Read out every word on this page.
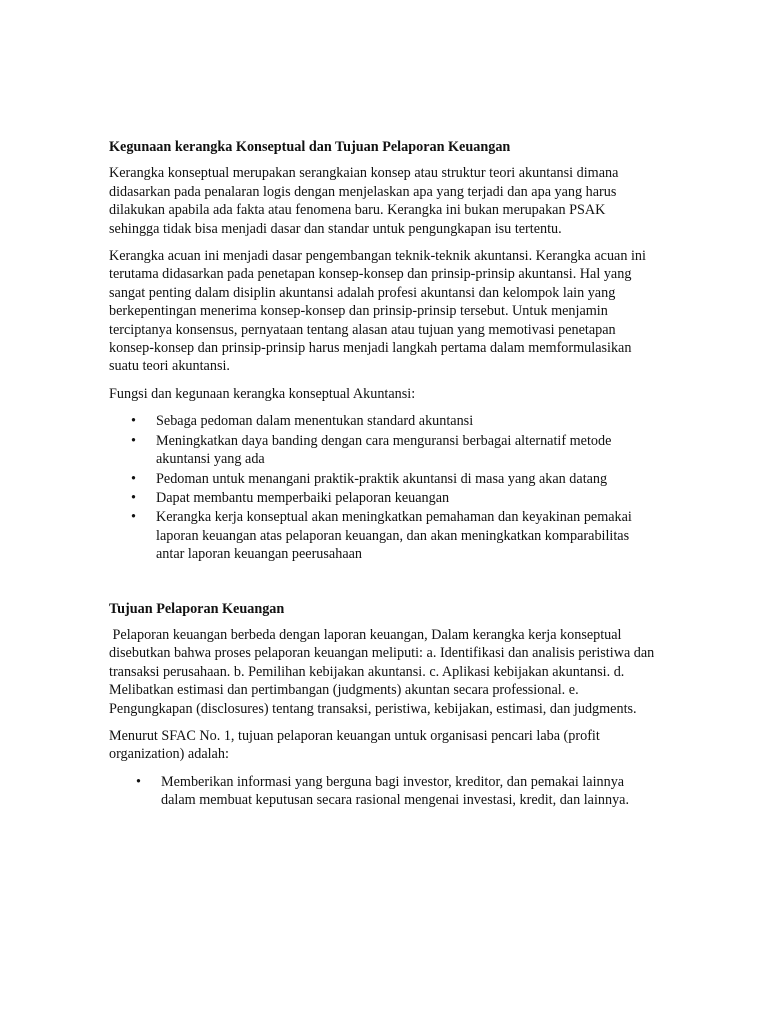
Kegunaan kerangka Konseptual dan Tujuan Pelaporan Keuangan

Kerangka konseptual merupakan serangkaian konsep atau struktur teori akuntansi dimana didasarkan pada penalaran logis dengan menjelaskan apa yang terjadi dan apa yang harus dilakukan apabila ada fakta atau fenomena baru. Kerangka ini bukan merupakan PSAK sehingga tidak bisa menjadi dasar dan standar untuk pengungkapan isu tertentu.

Kerangka acuan ini menjadi dasar pengembangan teknik-teknik akuntansi. Kerangka acuan ini terutama didasarkan pada penetapan konsep-konsep dan prinsip-prinsip akuntansi. Hal yang sangat penting dalam disiplin akuntansi adalah profesi akuntansi dan kelompok lain yang berkepentingan menerima konsep-konsep dan prinsip-prinsip tersebut. Untuk menjamin terciptanya konsensus, pernyataan tentang alasan atau tujuan yang memotivasi penetapan konsep-konsep dan prinsip-prinsip harus menjadi langkah pertama dalam memformulasikan suatu teori akuntansi.

Fungsi dan kegunaan kerangka konseptual Akuntansi:

• Sebaga pedoman dalam menentukan standard akuntansi
• Meningkatkan daya banding dengan cara menguransi berbagai alternatif metode akuntansi yang ada
• Pedoman untuk menangani praktik-praktik akuntansi di masa yang akan datang
• Dapat membantu memperbaiki pelaporan keuangan
• Kerangka kerja konseptual akan meningkatkan pemahaman dan keyakinan pemakai laporan keuangan atas pelaporan keuangan, dan akan meningkatkan komparabilitas antar laporan keuangan peerusahaan
Tujuan Pelaporan Keuangan

Pelaporan keuangan berbeda dengan laporan keuangan, Dalam kerangka kerja konseptual disebutkan bahwa proses pelaporan keuangan meliputi: a. Identifikasi dan analisis peristiwa dan transaksi perusahaan. b. Pemilihan kebijakan akuntansi. c. Aplikasi kebijakan akuntansi. d. Melibatkan estimasi dan pertimbangan (judgments) akuntan secara professional. e. Pengungkapan (disclosures) tentang transaksi, peristiwa, kebijakan, estimasi, dan judgments.

Menurut SFAC No. 1, tujuan pelaporan keuangan untuk organisasi pencari laba (profit organization) adalah:

• Memberikan informasi yang berguna bagi investor, kreditor, dan pemakai lainnya dalam membuat keputusan secara rasional mengenai investasi, kredit, dan lainnya.
